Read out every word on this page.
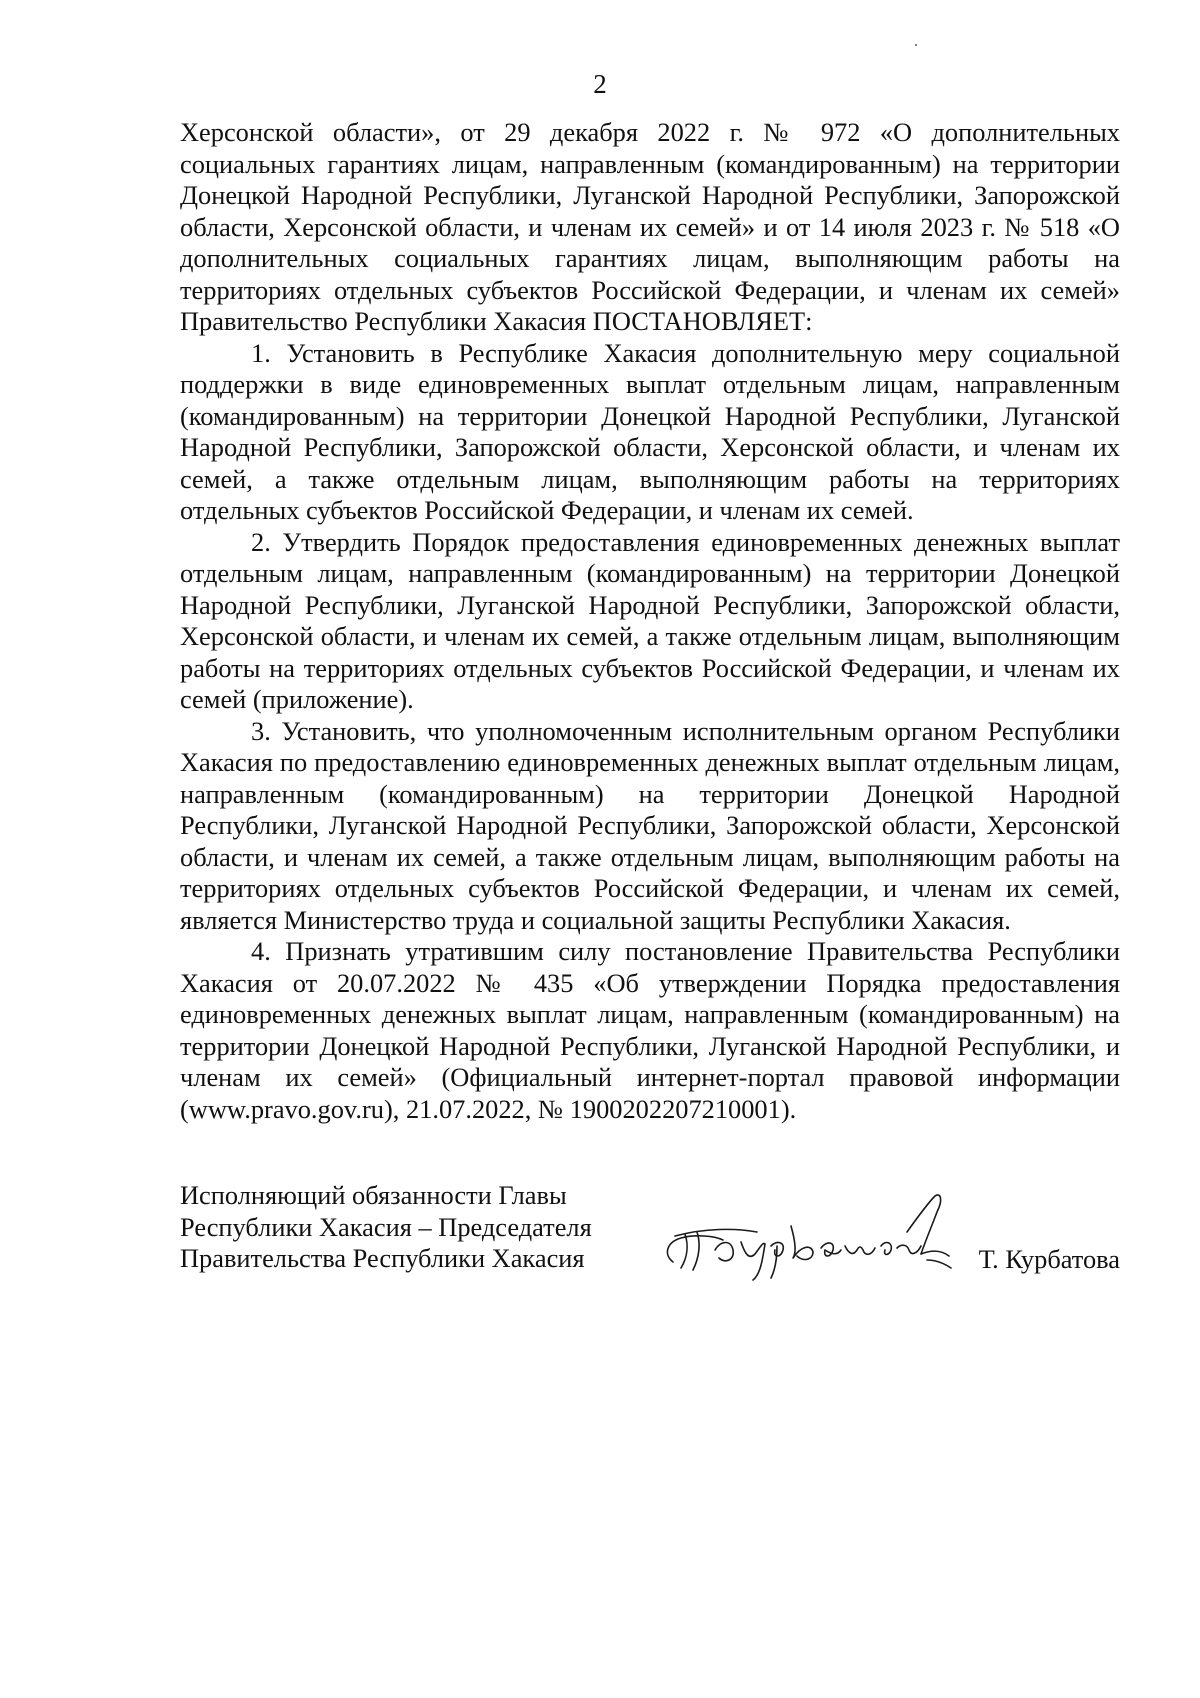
2

Херсонской области», от 29 декабря 2022 г. № 972 «О дополнительных социальных гарантиях лицам, направленным (командированным) на территории Донецкой Народной Республики, Луганской Народной Республики, Запорожской области, Херсонской области, и членам их семей» и от 14 июля 2023 г. № 518 «О дополнительных социальных гарантиях лицам, выполняющим работы на территориях отдельных субъектов Российской Федерации, и членам их семей» Правительство Республики Хакасия ПОСТАНОВЛЯЕТ:

1. Установить в Республике Хакасия дополнительную меру социальной поддержки в виде единовременных выплат отдельным лицам, направленным (командированным) на территории Донецкой Народной Республики, Луганской Народной Республики, Запорожской области, Херсонской области, и членам их семей, а также отдельным лицам, выполняющим работы на территориях отдельных субъектов Российской Федерации, и членам их семей.

2. Утвердить Порядок предоставления единовременных денежных выплат отдельным лицам, направленным (командированным) на территории Донецкой Народной Республики, Луганской Народной Республики, Запорожской области, Херсонской области, и членам их семей, а также отдельным лицам, выполняющим работы на территориях отдельных субъектов Российской Федерации, и членам их семей (приложение).

3. Установить, что уполномоченным исполнительным органом Республики Хакасия по предоставлению единовременных денежных выплат отдельным лицам, направленным (командированным) на территории Донецкой Народной Республики, Луганской Народной Республики, Запорожской области, Херсонской области, и членам их семей, а также отдельным лицам, выполняющим работы на территориях отдельных субъектов Российской Федерации, и членам их семей, является Министерство труда и социальной защиты Республики Хакасия.

4. Признать утратившим силу постановление Правительства Республики Хакасия от 20.07.2022 № 435 «Об утверждении Порядка предоставления единовременных денежных выплат лицам, направленным (командированным) на территории Донецкой Народной Республики, Луганской Народной Республики, и членам их семей» (Официальный интернет-портал правовой информации (www.pravo.gov.ru), 21.07.2022, № 1900202207210001).

Исполняющий обязанности Главы
Республики Хакасия – Председателя
Правительства Республики Хакасия	Т. Курбатова
